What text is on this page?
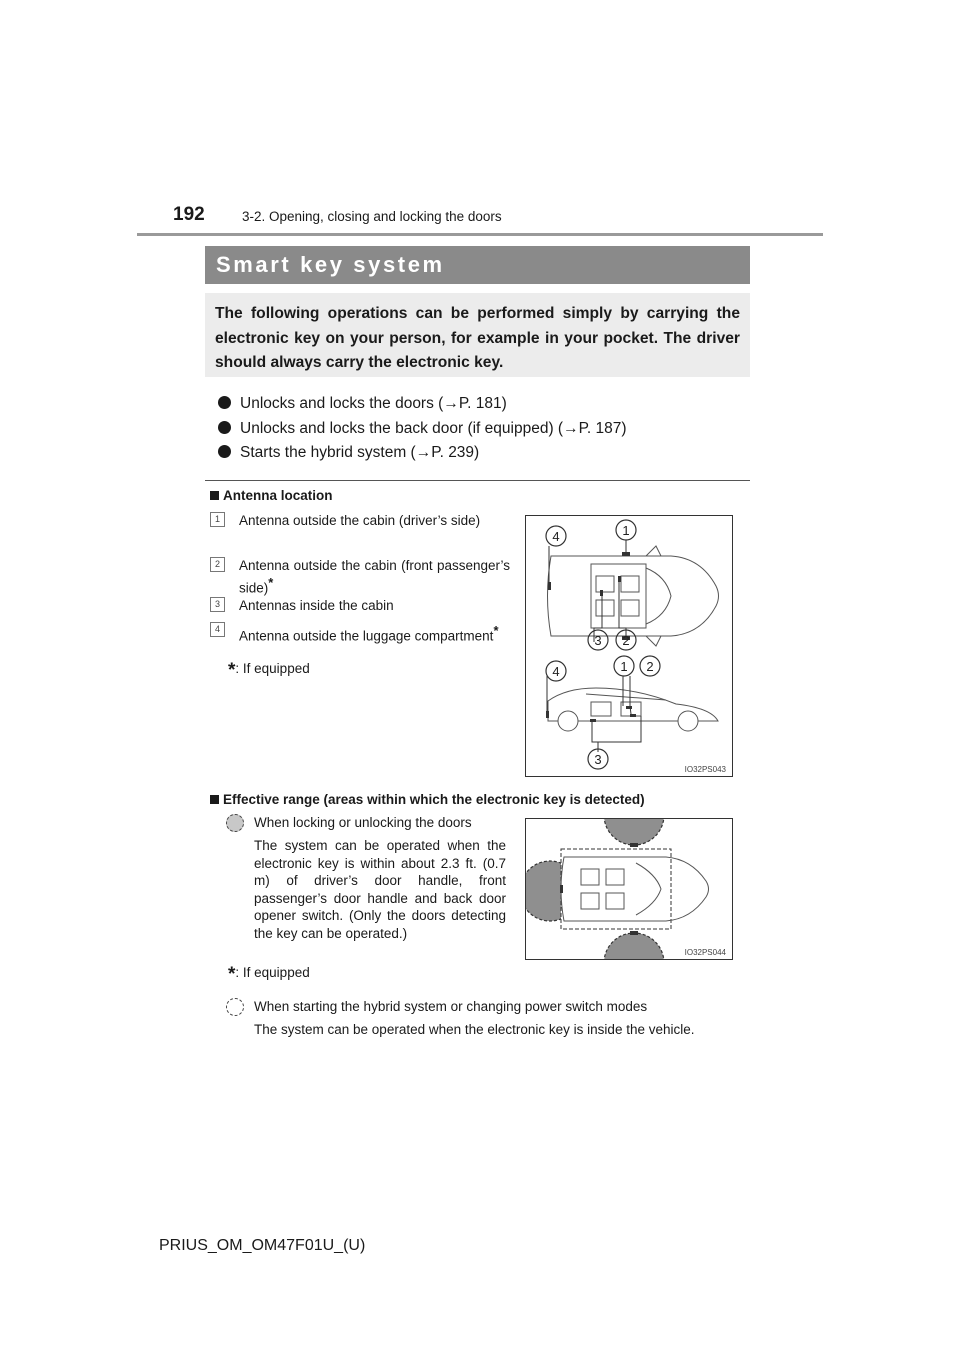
192	3-2. Opening, closing and locking the doors
Smart key system

The following operations can be performed simply by carrying the electronic key on your person, for example in your pocket. The driver should always carry the electronic key.

Unlocks and locks the doors (→P. 181)
Unlocks and locks the back door (if equipped) (→P. 187)
Starts the hybrid system (→P. 239)
Antenna location
1	Antenna outside the cabin (driver’s side)
2	Antenna outside the cabin (front passenger’s side)*
3	Antennas inside the cabin
4	Antenna outside the luggage compartment*
*: If equipped
4	1
3 2
4	1 2
3
IO32PS043
Effective range (areas within which the electronic key is detected)
When locking or unlocking the doors
The system can be operated when the electronic key is within about 2.3 ft. (0.7 m) of driver’s door handle, front passenger’s door handle and back door opener switch. (Only the doors detecting the key can be operated.)
*: If equipped
When starting the hybrid system or changing power switch modes
The system can be operated when the electronic key is inside the vehicle.
IO32PS044
PRIUS_OM_OM47F01U_(U)
